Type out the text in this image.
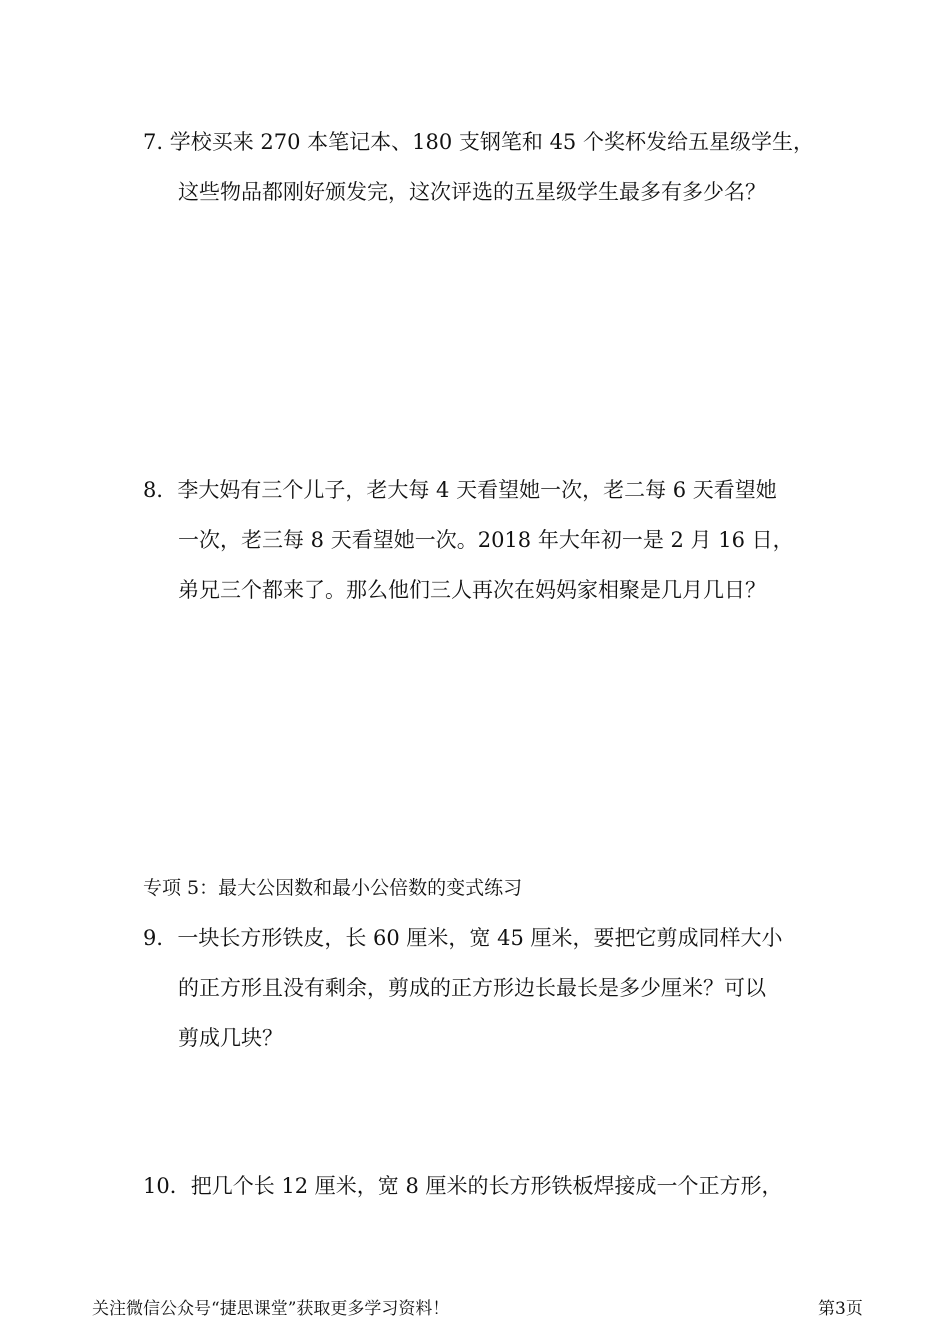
7. 学校买来 270 本笔记本、180 支钢笔和 45 个奖杯发给五星级学生，
这些物品都刚好颁发完，这次评选的五星级学生最多有多少名？
8．李大妈有三个儿子，老大每 4 天看望她一次，老二每 6 天看望她
一次，老三每 8 天看望她一次。2018 年大年初一是 2 月 16 日，
弟兄三个都来了。那么他们三人再次在妈妈家相聚是几月几日？
专项 5：最大公因数和最小公倍数的变式练习
9．一块长方形铁皮，长 60 厘米，宽 45 厘米，要把它剪成同样大小
的正方形且没有剩余，剪成的正方形边长最长是多少厘米？可以
剪成几块？
10．把几个长 12 厘米，宽 8 厘米的长方形铁板焊接成一个正方形，
关注微信公众号“捷思课堂”获取更多学习资料！	第3页
